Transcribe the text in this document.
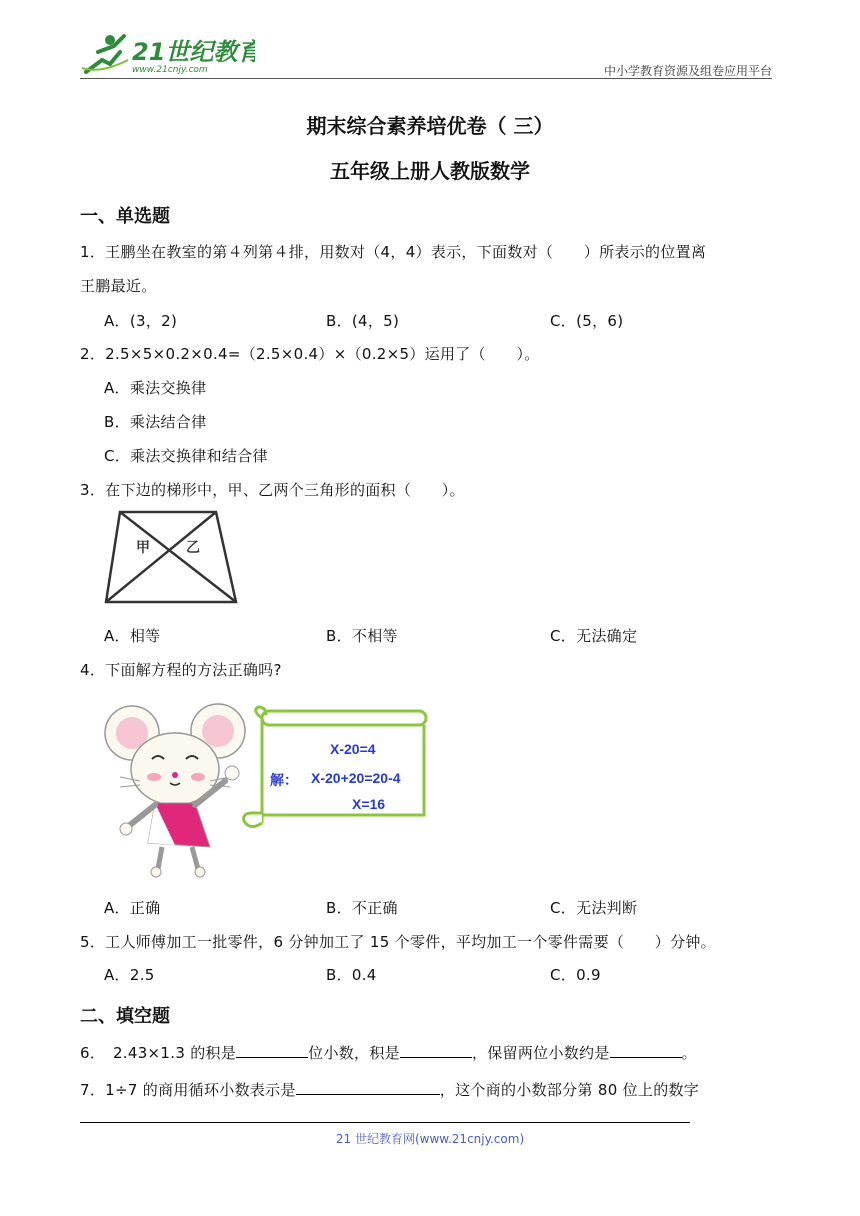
21世纪教育
www.21cnjy.com	中小学教育资源及组卷应用平台
期末综合素养培优卷（ 三）
五年级上册人教版数学
一、单选题
1．王鹏坐在教室的第４列第４排，用数对（4，4）表示，下面数对（　　）所表示的位置离
王鹏最近。
A．(3，2)	B．(4，5)	C．(5，6)
2．2.5×5×0.2×0.4=（2.5×0.4）×（0.2×5）运用了（　　）。
A．乘法交换律
B．乘法结合律
C．乘法交换律和结合律
3．在下边的梯形中，甲、乙两个三角形的面积（　　）。
甲	乙
A．相等	B．不相等	C．无法确定
4．下面解方程的方法正确吗?
解：
X-20=4
X-20+20=20-4
X=16
A．正确	B．不正确	C．无法判断
5．工人师傅加工一批零件，6 分钟加工了 15 个零件，平均加工一个零件需要（　　）分钟。
A．2.5	B．0.4	C．0.9
二、填空题
6．　2.43×1.3 的积是	位小数，积是	，保留两位小数约是	。
7．1÷7 的商用循环小数表示是	，这个商的小数部分第 80 位上的数字
21 世纪教育网(www.21cnjy.com)
